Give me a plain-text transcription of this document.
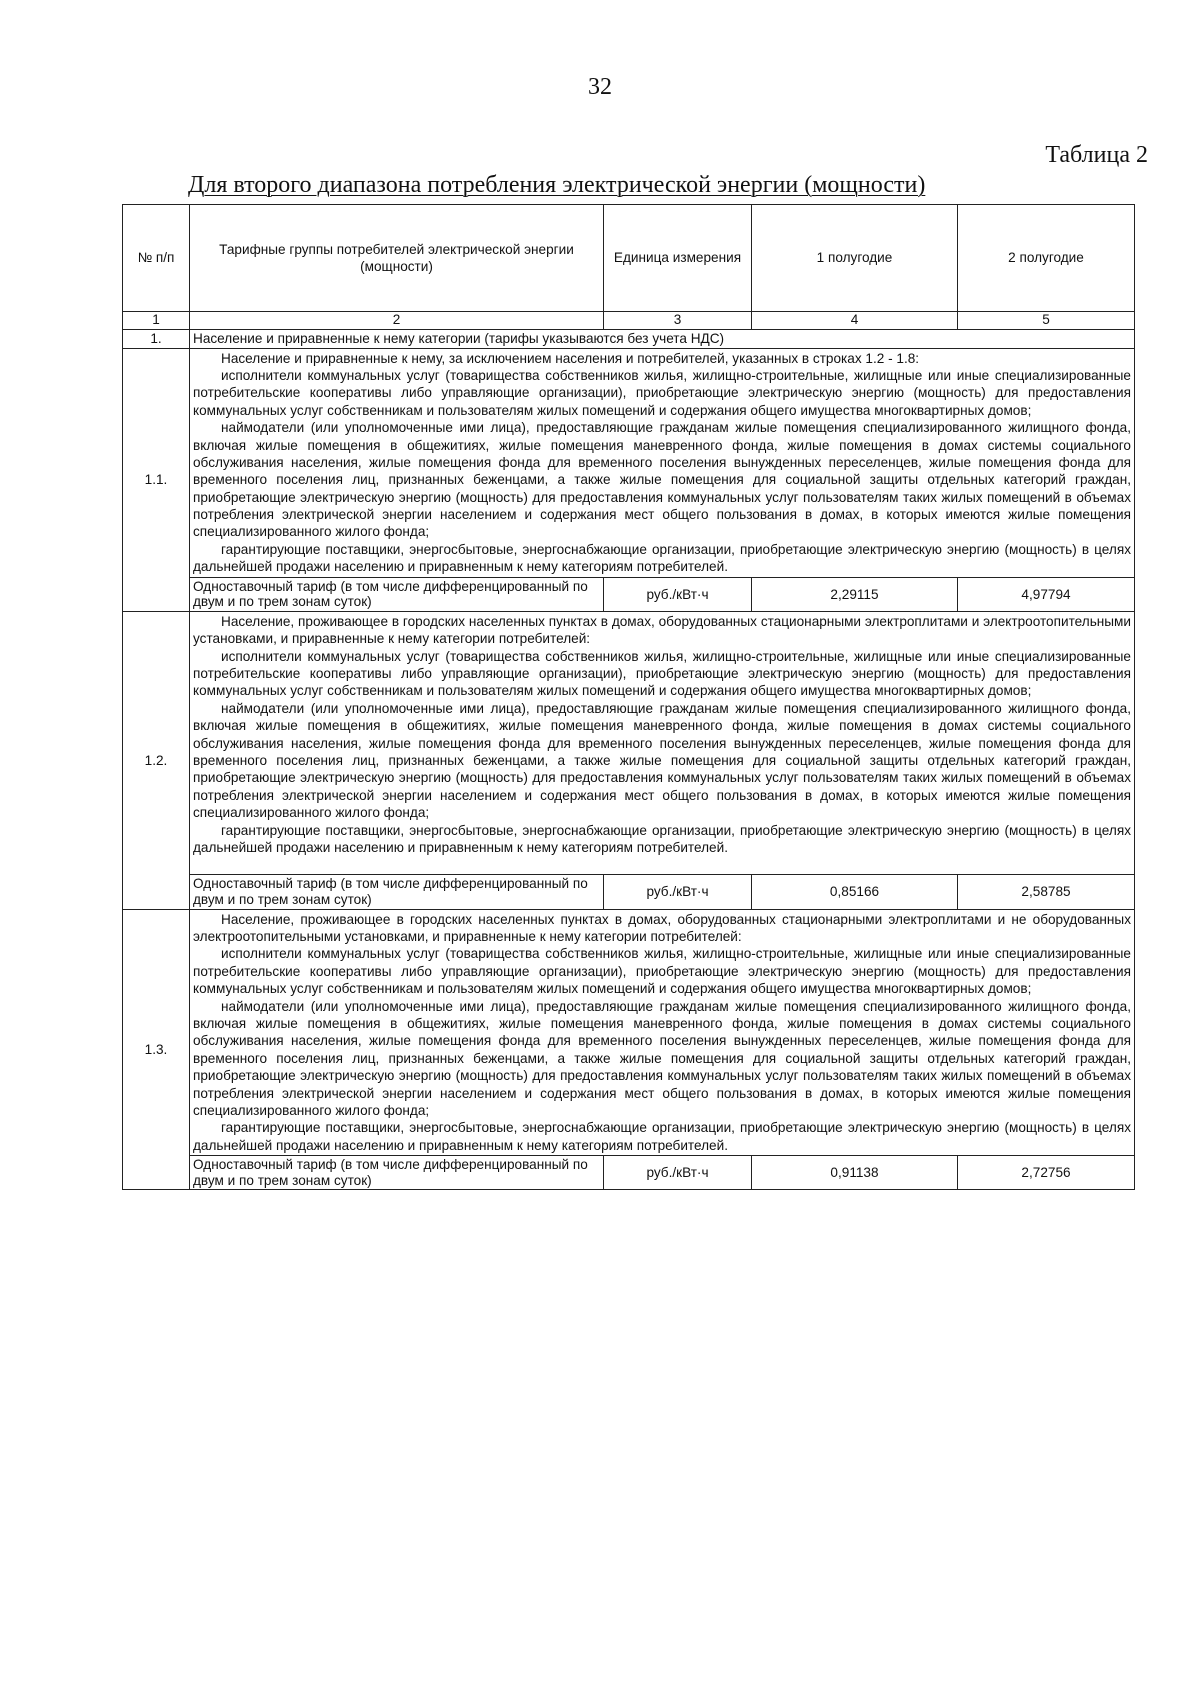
32
Таблица 2
Для второго диапазона потребления электрической энергии (мощности)
№ п/п	Тарифные группы потребителей электрической энергии (мощности)	Единица измерения	1 полугодие	2 полугодие
1	2	3	4	5
1.	Население и приравненные к нему категории (тарифы указываются без учета НДС)			
1.1.	Население и приравненные к нему, за исключением населения и потребителей, указанных в строках 1.2 - 1.8:

исполнители коммунальных услуг (товарищества собственников жилья, жилищно-строительные, жилищные или иные специализированные потребительские кооперативы либо управляющие организации), приобретающие электрическую энергию (мощность) для предоставления коммунальных услуг собственникам и пользователям жилых помещений и содержания общего имущества многоквартирных домов;

наймодатели (или уполномоченные ими лица), предоставляющие гражданам жилые помещения специализированного жилищного фонда, включая жилые помещения в общежитиях, жилые помещения маневренного фонда, жилые помещения в домах системы социального обслуживания населения, жилые помещения фонда для временного поселения вынужденных переселенцев, жилые помещения фонда для временного поселения лиц, признанных беженцами, а также жилые помещения для социальной защиты отдельных категорий граждан, приобретающие электрическую энергию (мощность) для предоставления коммунальных услуг пользователям таких жилых помещений в объемах потребления электрической энергии населением и содержания мест общего пользования в домах, в которых имеются жилые помещения специализированного жилого фонда;

гарантирующие поставщики, энергосбытовые, энергоснабжающие организации, приобретающие электрическую энергию (мощность) в целях дальнейшей продажи населению и приравненным к нему категориям потребителей.			

	Одноставочный тариф (в том числе дифференцированный по двум и по трем зонам суток)	руб./кВт·ч	2,29115	4,97794
1.2.	Население, проживающее в городских населенных пунктах в домах, оборудованных стационарными электроплитами и электроотопительными установками, и приравненные к нему категории потребителей:

исполнители коммунальных услуг (товарищества собственников жилья, жилищно-строительные, жилищные или иные специализированные потребительские кооперативы либо управляющие организации), приобретающие электрическую энергию (мощность) для предоставления коммунальных услуг собственникам и пользователям жилых помещений и содержания общего имущества многоквартирных домов;

наймодатели (или уполномоченные ими лица), предоставляющие гражданам жилые помещения специализированного жилищного фонда, включая жилые помещения в общежитиях, жилые помещения маневренного фонда, жилые помещения в домах системы социального обслуживания населения, жилые помещения фонда для временного поселения вынужденных переселенцев, жилые помещения фонда для временного поселения лиц, признанных беженцами, а также жилые помещения для социальной защиты отдельных категорий граждан, приобретающие электрическую энергию (мощность) для предоставления коммунальных услуг пользователям таких жилых помещений в объемах потребления электрической энергии населением и содержания мест общего пользования в домах, в которых имеются жилые помещения специализированного жилого фонда;

гарантирующие поставщики, энергосбытовые, энергоснабжающие организации, приобретающие электрическую энергию (мощность) в целях дальнейшей продажи населению и приравненным к нему категориям потребителей.			

	Одноставочный тариф (в том числе дифференцированный по двум и по трем зонам суток)	руб./кВт·ч	0,85166	2,58785
1.3.	Население, проживающее в городских населенных пунктах в домах, оборудованных стационарными электроплитами и не оборудованных электроотопительными установками, и приравненные к нему категории потребителей:

исполнители коммунальных услуг (товарищества собственников жилья, жилищно-строительные, жилищные или иные специализированные потребительские кооперативы либо управляющие организации), приобретающие электрическую энергию (мощность) для предоставления коммунальных услуг собственникам и пользователям жилых помещений и содержания общего имущества многоквартирных домов;

наймодатели (или уполномоченные ими лица), предоставляющие гражданам жилые помещения специализированного жилищного фонда, включая жилые помещения в общежитиях, жилые помещения маневренного фонда, жилые помещения в домах системы социального обслуживания населения, жилые помещения фонда для временного поселения вынужденных переселенцев, жилые помещения фонда для временного поселения лиц, признанных беженцами, а также жилые помещения для социальной защиты отдельных категорий граждан, приобретающие электрическую энергию (мощность) для предоставления коммунальных услуг пользователям таких жилых помещений в объемах потребления электрической энергии населением и содержания мест общего пользования в домах, в которых имеются жилые помещения специализированного жилого фонда;

гарантирующие поставщики, энергосбытовые, энергоснабжающие организации, приобретающие электрическую энергию (мощность) в целях дальнейшей продажи населению и приравненным к нему категориям потребителей.			

	Одноставочный тариф (в том числе дифференцированный по двум и по трем зонам суток)	руб./кВт·ч	0,91138	2,72756
